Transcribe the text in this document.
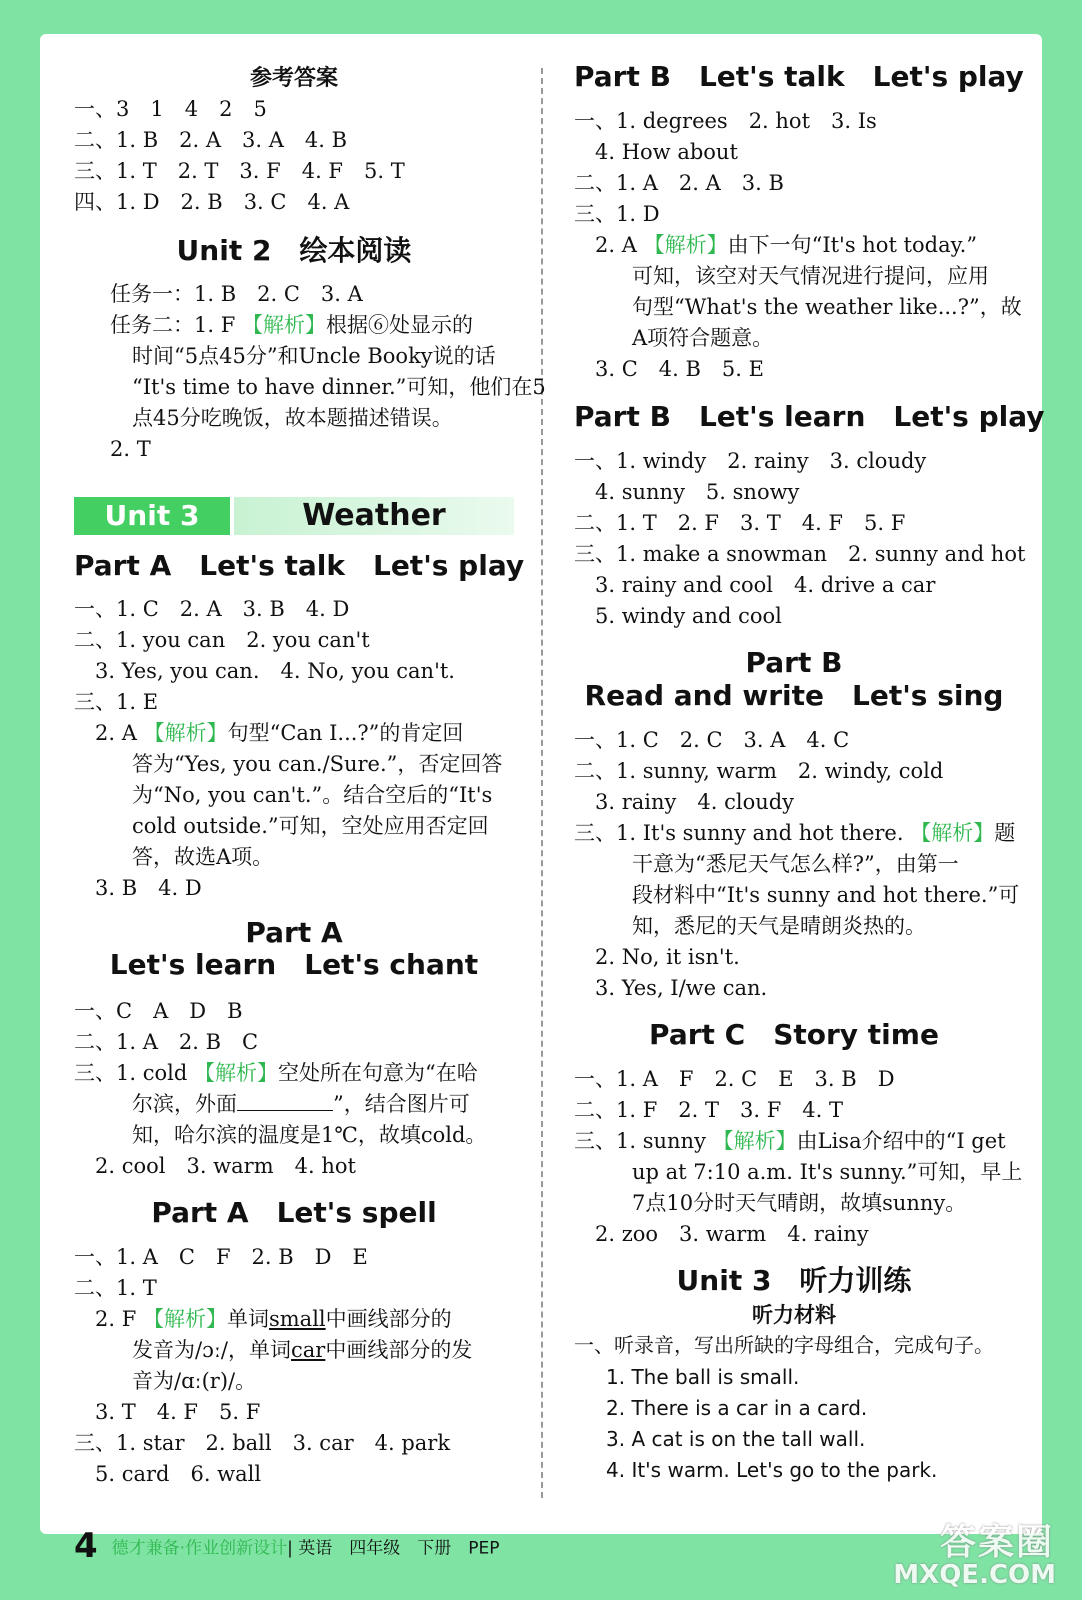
参考答案
一、3　1　4　2　5
二、1. B　2. A　3. A　4. B
三、1. T　2. T　3. F　4. F　5. T
四、1. D　2. B　3. C　4. A
Unit 2　绘本阅读
任务一：1. B　2. C　3. A
任务二：1. F 【解析】根据⑥处显示的
时间“5点45分”和Uncle Booky说的话
“It's time to have dinner.”可知，他们在5
点45分吃晚饭，故本题描述错误。
2. T
Unit 3	Weather
Part A　Let's talk　Let's play
一、1. C　2. A　3. B　4. D
二、1. you can　2. you can't
　3. Yes, you can.　4. No, you can't.
三、1. E
　2. A 【解析】句型“Can I...?”的肯定回
答为“Yes, you can./Sure.”，否定回答
为“No, you can't.”。结合空后的“It's
cold outside.”可知，空处应用否定回
答，故选A项。
　3. B　4. D
Part A
Let's learn　Let's chant
一、C　A　D　B
二、1. A　2. B　C
三、1. cold 【解析】空处所在句意为“在哈
尔滨，外面	”，结合图片可
知，哈尔滨的温度是1℃，故填cold。
　2. cool　3. warm　4. hot
Part A　Let's spell
一、1. A　C　F　2. B　D　E
二、1. T
　2. F 【解析】单词small中画线部分的
发音为/ɔː/，单词car中画线部分的发
音为/ɑː(r)/。
　3. T　4. F　5. F
三、1. star　2. ball　3. car　4. park
　5. card　6. wall
Part B　Let's talk　Let's play
一、1. degrees　2. hot　3. Is
　4. How about
二、1. A　2. A　3. B
三、1. D
　2. A 【解析】由下一句“It's hot today.”
可知，该空对天气情况进行提问，应用
句型“What's the weather like...?”，故
A项符合题意。
　3. C　4. B　5. E
Part B　Let's learn　Let's play
一、1. windy　2. rainy　3. cloudy
　4. sunny　5. snowy
二、1. T　2. F　3. T　4. F　5. F
三、1. make a snowman　2. sunny and hot
　3. rainy and cool　4. drive a car
　5. windy and cool
Part B
Read and write　Let's sing
一、1. C　2. C　3. A　4. C
二、1. sunny, warm　2. windy, cold
　3. rainy　4. cloudy
三、1. It's sunny and hot there. 【解析】题
干意为“悉尼天气怎么样?”，由第一
段材料中“It's sunny and hot there.”可
知，悉尼的天气是晴朗炎热的。
　2. No, it isn't.
　3. Yes, I/we can.
Part C　Story time
一、1. A　F　2. C　E　3. B　D
二、1. F　2. T　3. F　4. T
三、1. sunny 【解析】由Lisa介绍中的“I get
up at 7:10 a.m. It's sunny.”可知，早上
7点10分时天气晴朗，故填sunny。
　2. zoo　3. warm　4. rainy
Unit 3　听力训练
听力材料
一、听录音，写出所缺的字母组合，完成句子。
1. The ball is small.
2. There is a car in a card.
3. A cat is on the tall wall.
4. It's warm. Let's go to the park.
4 德才兼备·作业创新设计| 英语　四年级　下册　PEP	答案圈
MXQE.COM
